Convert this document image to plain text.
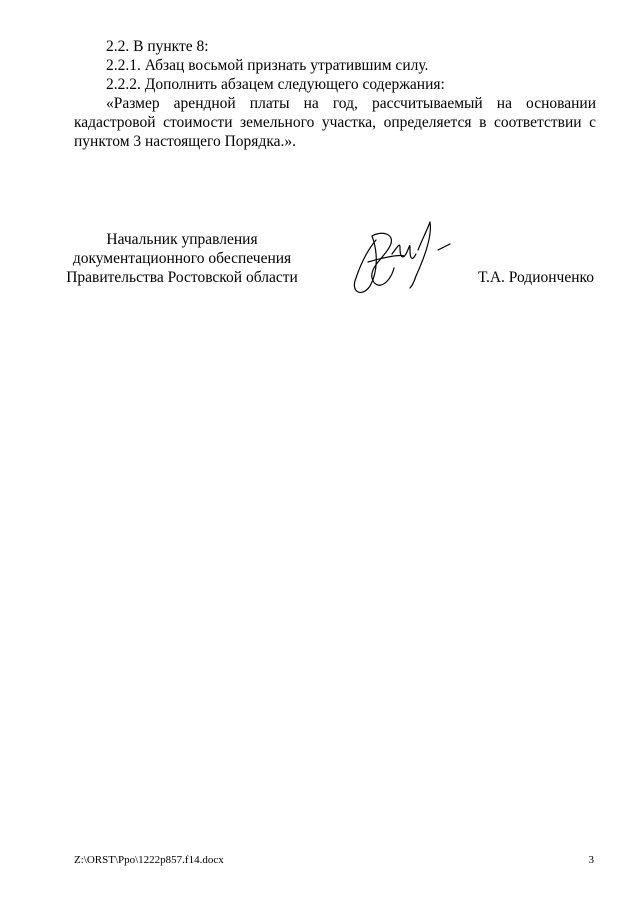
2.2. В пункте 8:

2.2.1. Абзац восьмой признать утратившим силу.

2.2.2. Дополнить абзацем следующего содержания:

«Размер арендной платы на год, рассчитываемый на основании кадастровой стоимости земельного участка, определяется в соответствии с пунктом 3 настоящего Порядка.».

Начальник управления
документационного обеспечения
Правительства Ростовской области	Т.А. Родионченко
Z:\ORST\Ppo\1222p857.f14.docx	3
